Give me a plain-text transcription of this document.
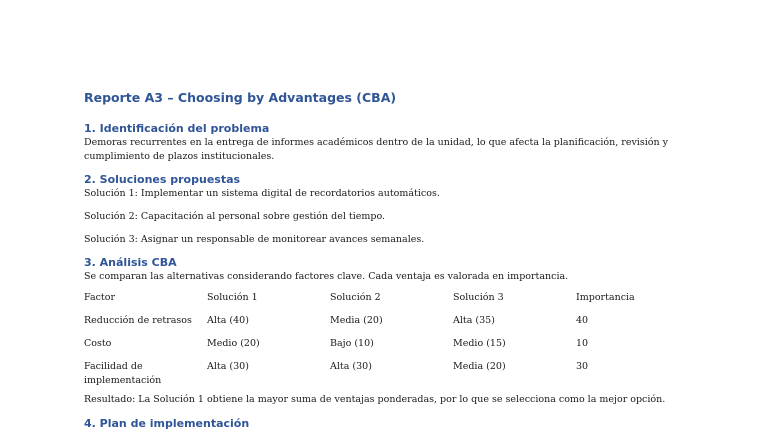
Reporte A3 – Choosing by Advantages (CBA)
1. Identificación del problema

Demoras recurrentes en la entrega de informes académicos dentro de la unidad, lo que afecta la planificación, revisión y cumplimiento de plazos institucionales.

2. Soluciones propuestas

Solución 1: Implementar un sistema digital de recordatorios automáticos.

Solución 2: Capacitación al personal sobre gestión del tiempo.

Solución 3: Asignar un responsable de monitorear avances semanales.

3. Análisis CBA

Se comparan las alternativas considerando factores clave. Cada ventaja es valorada en importancia.

Factor	Solución 1	Solución 2	Solución 3	Importancia
Reducción de retrasos	Alta (40)	Media (20)	Alta (35)	40
Costo	Medio (20)	Bajo (10)	Medio (15)	10
Facilidad de implementación	Alta (30)	Alta (30)	Media (20)	30

Resultado: La Solución 1 obtiene la mayor suma de ventajas ponderadas, por lo que se selecciona como la mejor opción.

4. Plan de implementación
